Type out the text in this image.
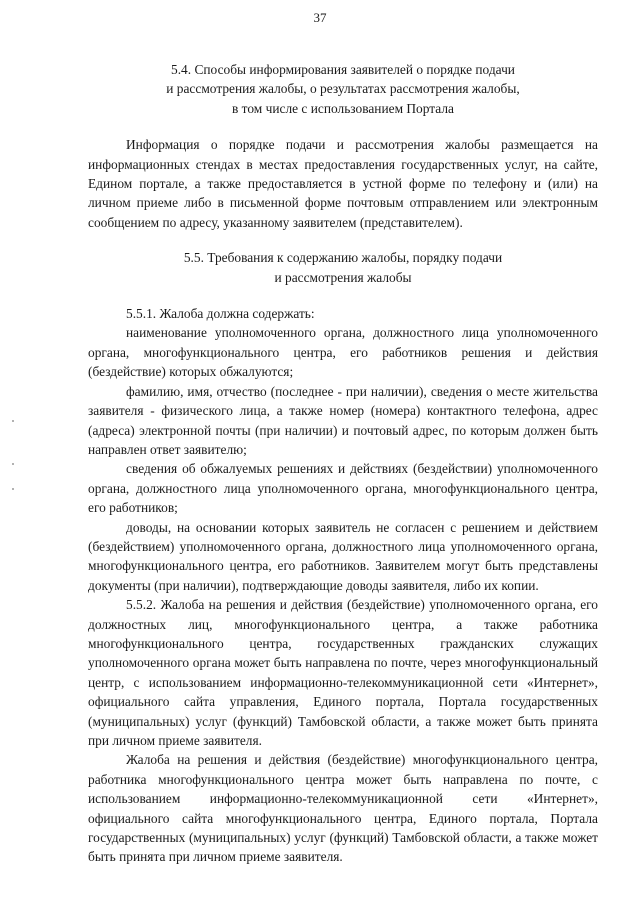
37
5.4. Способы информирования заявителей о порядке подачи
и рассмотрения жалобы, о результатах рассмотрения жалобы,
в том числе с использованием Портала

Информация о порядке подачи и рассмотрения жалобы размещается на информационных стендах в местах предоставления государственных услуг, на сайте, Едином портале, а также предоставляется в устной форме по телефону и (или) на личном приеме либо в письменной форме почтовым отправлением или электронным сообщением по адресу, указанному заявителем (представителем).

5.5. Требования к содержанию жалобы, порядку подачи
и рассмотрения жалобы

5.5.1. Жалоба должна содержать:

наименование уполномоченного органа, должностного лица уполномоченного органа, многофункционального центра, его работников решения и действия (бездействие) которых обжалуются;

фамилию, имя, отчество (последнее - при наличии), сведения о месте жительства заявителя - физического лица, а также номер (номера) контактного телефона, адрес (адреса) электронной почты (при наличии) и почтовый адрес, по которым должен быть направлен ответ заявителю;

сведения об обжалуемых решениях и действиях (бездействии) уполномоченного органа, должностного лица уполномоченного органа, многофункционального центра, его работников;

доводы, на основании которых заявитель не согласен с решением и действием (бездействием) уполномоченного органа, должностного лица уполномоченного органа, многофункционального центра, его работников. Заявителем могут быть представлены документы (при наличии), подтверждающие доводы заявителя, либо их копии.

5.5.2. Жалоба на решения и действия (бездействие) уполномоченного органа, его должностных лиц, многофункционального центра, а также работника многофункционального центра, государственных гражданских служащих уполномоченного органа может быть направлена по почте, через многофункциональный центр, с использованием информационно-телекоммуникационной сети «Интернет», официального сайта управления, Единого портала, Портала государственных (муниципальных) услуг (функций) Тамбовской области, а также может быть принята при личном приеме заявителя.

Жалоба на решения и действия (бездействие) многофункционального центра, работника многофункционального центра может быть направлена по почте, с использованием информационно-телекоммуникационной сети «Интернет», официального сайта многофункционального центра, Единого портала, Портала государственных (муниципальных) услуг (функций) Тамбовской области, а также может быть принята при личном приеме заявителя.
